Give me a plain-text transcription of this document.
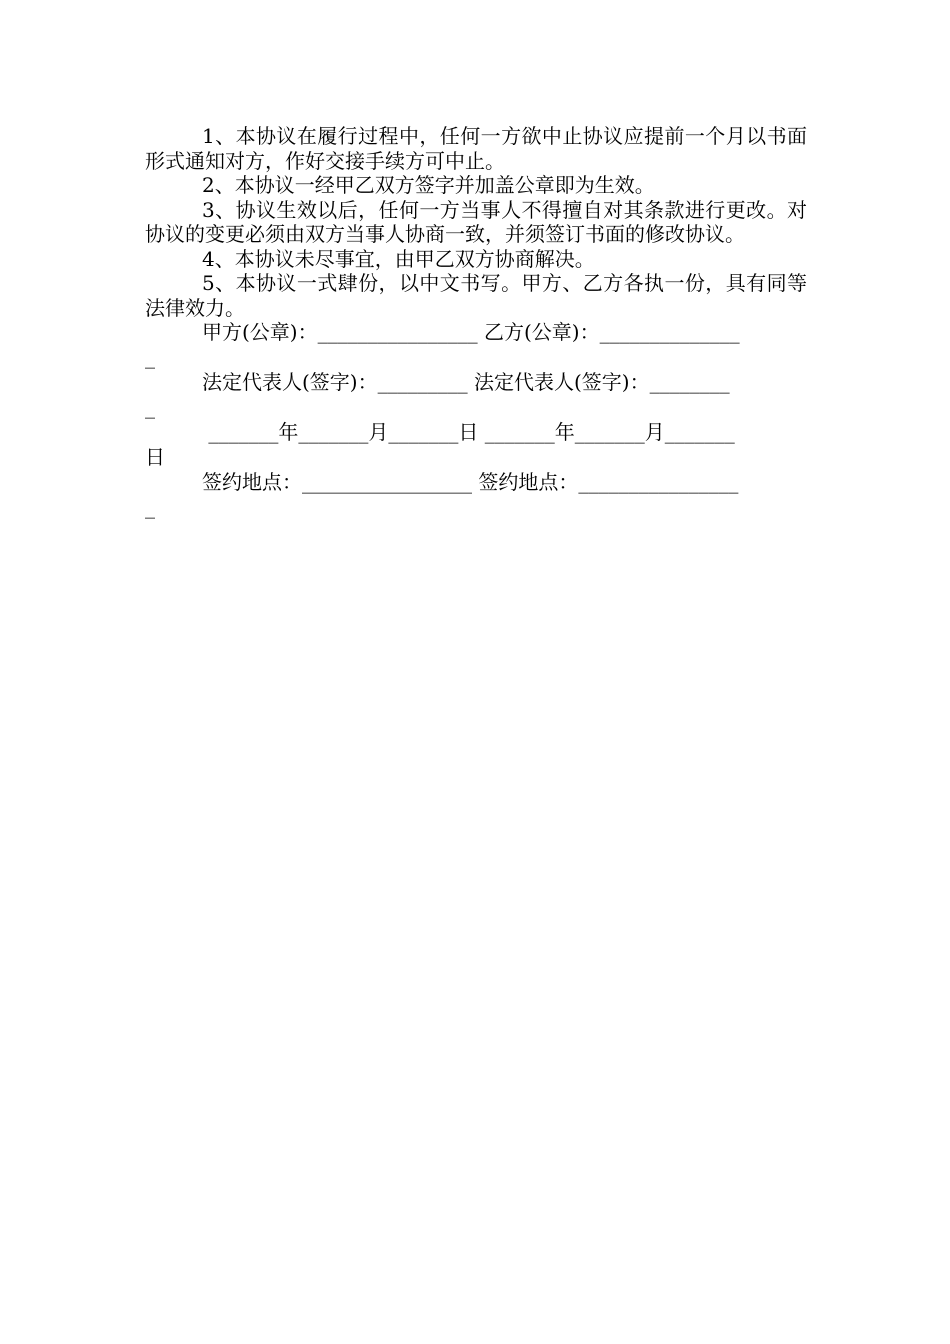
1、本协议在履行过程中，任何一方欲中止协议应提前一个月以书面形式通知对方，作好交接手续方可中止。

2、本协议一经甲乙双方签字并加盖公章即为生效。

3、协议生效以后，任何一方当事人不得擅自对其条款进行更改。对协议的变更必须由双方当事人协商一致，并须签订书面的修改协议。

4、本协议未尽事宜，由甲乙双方协商解决。

5、本协议一式肆份，以中文书写。甲方、乙方各执一份，具有同等法律效力。

甲方(公章)：________________ 乙方(公章)：______________
_
法定代表人(签字)：_________ 法定代表人(签字)：________
_
_______年_______月_______日 _______年_______月_______
日
签约地点：_________________ 签约地点：________________
_
